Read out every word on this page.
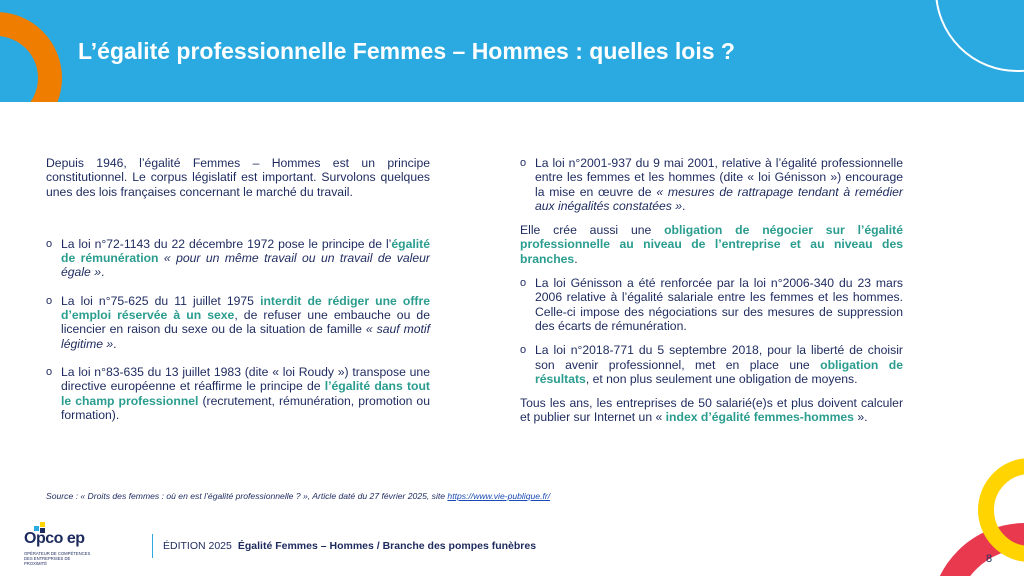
L’égalité professionnelle Femmes – Hommes : quelles lois ?

Depuis 1946, l’égalité Femmes – Hommes est un principe constitutionnel. Le corpus législatif est important. Survolons quelques unes des lois françaises concernant le marché du travail.

o La loi n°72-1143 du 22 décembre 1972 pose le principe de l’égalité de rémunération « pour un même travail ou un travail de valeur égale ».
o La loi n°75-625 du 11 juillet 1975 interdit de rédiger une offre d’emploi réservée à un sexe, de refuser une embauche ou de licencier en raison du sexe ou de la situation de famille « sauf motif légitime ».
o La loi n°83-635 du 13 juillet 1983 (dite « loi Roudy ») transpose une directive européenne et réaffirme le principe de l’égalité dans tout le champ professionnel (recrutement, rémunération, promotion ou formation).
o La loi n°2001-937 du 9 mai 2001, relative à l’égalité professionnelle entre les femmes et les hommes (dite « loi Génisson ») encourage la mise en œuvre de « mesures de rattrapage tendant à remédier aux inégalités constatées ».

Elle crée aussi une obligation de négocier sur l’égalité professionnelle au niveau de l’entreprise et au niveau des branches.

o La loi Génisson a été renforcée par la loi n°2006-340 du 23 mars 2006 relative à l’égalité salariale entre les femmes et les hommes. Celle-ci impose des négociations sur des mesures de suppression des écarts de rémunération.
o La loi n°2018-771 du 5 septembre 2018, pour la liberté de choisir son avenir professionnel, met en place une obligation de résultats, et non plus seulement une obligation de moyens.

Tous les ans, les entreprises de 50 salarié(e)s et plus doivent calculer et publier sur Internet un « index d’égalité femmes-hommes ».

Source : « Droits des femmes : où en est l’égalité professionnelle ? », Article daté du 27 février 2025, site https://www.vie-publique.fr/
Opco ep
OPÉRATEUR DE COMPÉTENCES DES ENTREPRISES DE PROXIMITÉ
ÉDITION 2025 Égalité Femmes – Hommes / Branche des pompes funèbres
8
